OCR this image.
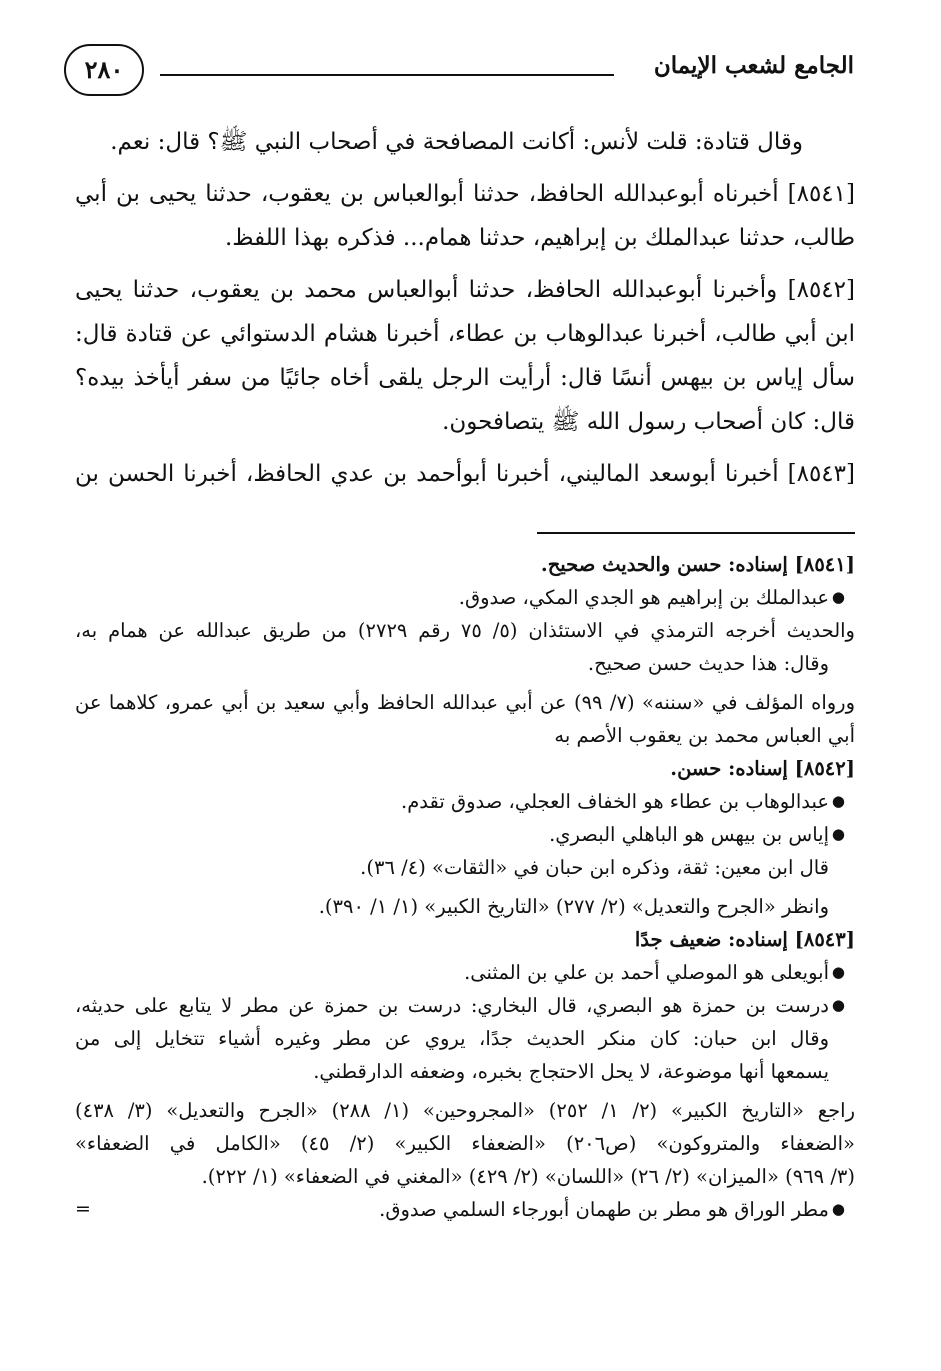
الجامع لشعب الإيمان
٢٨٠
وقال قتادة: قلت لأنس: أكانت المصافحة في أصحاب النبي ﷺ؟ قال: نعم.
[٨٥٤١] أخبرناه أبوعبدالله الحافظ، حدثنا أبوالعباس بن يعقوب، حدثنا يحيى بن أبي
طالب، حدثنا عبدالملك بن إبراهيم، حدثنا همام... فذكره بهذا اللفظ.
[٨٥٤٢] وأخبرنا أبوعبدالله الحافظ، حدثنا أبوالعباس محمد بن يعقوب، حدثنا يحيى
ابن أبي طالب، أخبرنا عبدالوهاب بن عطاء، أخبرنا هشام الدستوائي عن قتادة قال:
سأل إياس بن بيهس أنسًا قال: أرأيت الرجل يلقى أخاه جائيًا من سفر أيأخذ بيده؟
قال: كان أصحاب رسول الله ﷺ يتصافحون.
[٨٥٤٣] أخبرنا أبوسعد الماليني، أخبرنا أبوأحمد بن عدي الحافظ، أخبرنا الحسن بن
[٨٥٤١] إسناده: حسن والحديث صحيح.
●
عبدالملك بن إبراهيم هو الجدي المكي، صدوق.
والحديث أخرجه الترمذي في الاستئذان (٥/ ٧٥ رقم ٢٧٢٩) من طريق عبدالله عن همام به،
وقال: هذا حديث حسن صحيح.
ورواه المؤلف في «سننه» (٧/ ٩٩) عن أبي عبدالله الحافظ وأبي سعيد بن أبي عمرو، كلاهما عن
أبي العباس محمد بن يعقوب الأصم به
[٨٥٤٢] إسناده: حسن.
●
عبدالوهاب بن عطاء هو الخفاف العجلي، صدوق تقدم.
●
إياس بن بيهس هو الباهلي البصري.
قال ابن معين: ثقة، وذكره ابن حبان في «الثقات» (٤/ ٣٦).
وانظر «الجرح والتعديل» (٢/ ٢٧٧) «التاريخ الكبير» (١/ ١/ ٣٩٠).
[٨٥٤٣] إسناده: ضعيف جدًا
●
أبويعلى هو الموصلي أحمد بن علي بن المثنى.
●
درست بن حمزة هو البصري، قال البخاري: درست بن حمزة عن مطر لا يتابع على حديثه،
وقال ابن حبان: كان منكر الحديث جدًا، يروي عن مطر وغيره أشياء تتخايل إلى من
يسمعها أنها موضوعة، لا يحل الاحتجاج بخبره، وضعفه الدارقطني.
راجع «التاريخ الكبير» (٢/ ١/ ٢٥٢) «المجروحين» (١/ ٢٨٨) «الجرح والتعديل» (٣/ ٤٣٨)
«الضعفاء والمتروكون» (ص٢٠٦) «الضعفاء الكبير» (٢/ ٤٥) «الكامل في الضعفاء»
(٣/ ٩٦٩) «الميزان» (٢/ ٢٦) «اللسان» (٢/ ٤٢٩) «المغني في الضعفاء» (١/ ٢٢٢).
●
مطر الوراق هو مطر بن طهمان أبورجاء السلمي صدوق.
=
